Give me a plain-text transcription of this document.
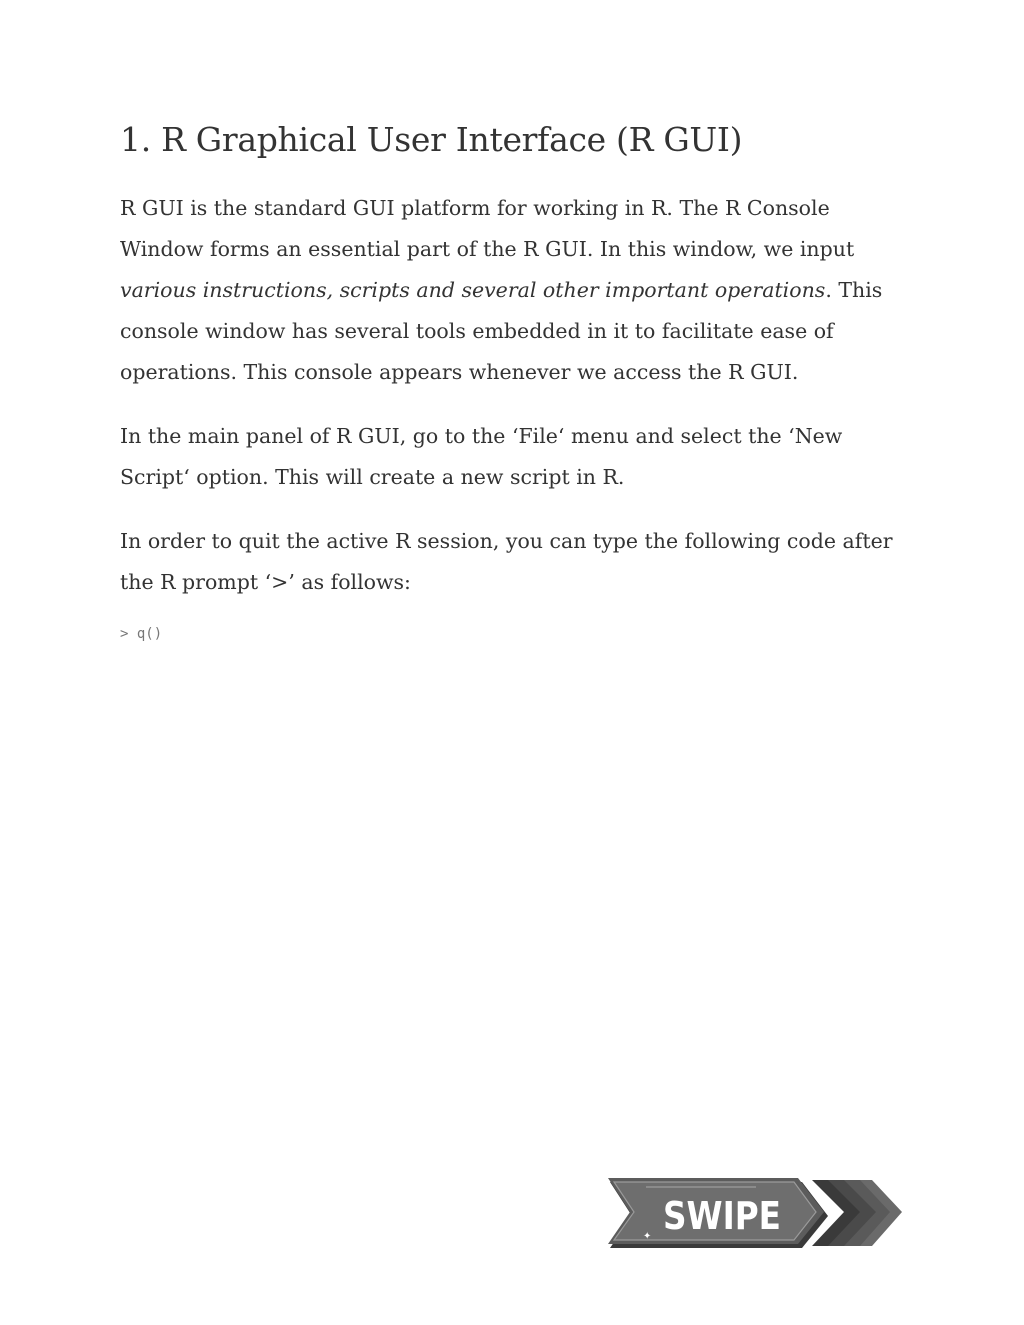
1. R Graphical User Interface (R GUI)

R GUI is the standard GUI platform for working in R. The R Console Window forms an essential part of the R GUI. In this window, we input various instructions, scripts and several other important operations. This console window has several tools embedded in it to facilitate ease of operations. This console appears whenever we access the R GUI.

In the main panel of R GUI, go to the ‘File‘ menu and select the ‘New Script‘ option. This will create a new script in R.

In order to quit the active R session, you can type the following code after the R prompt ‘>’ as follows:

> q()
✦ SWIPE
